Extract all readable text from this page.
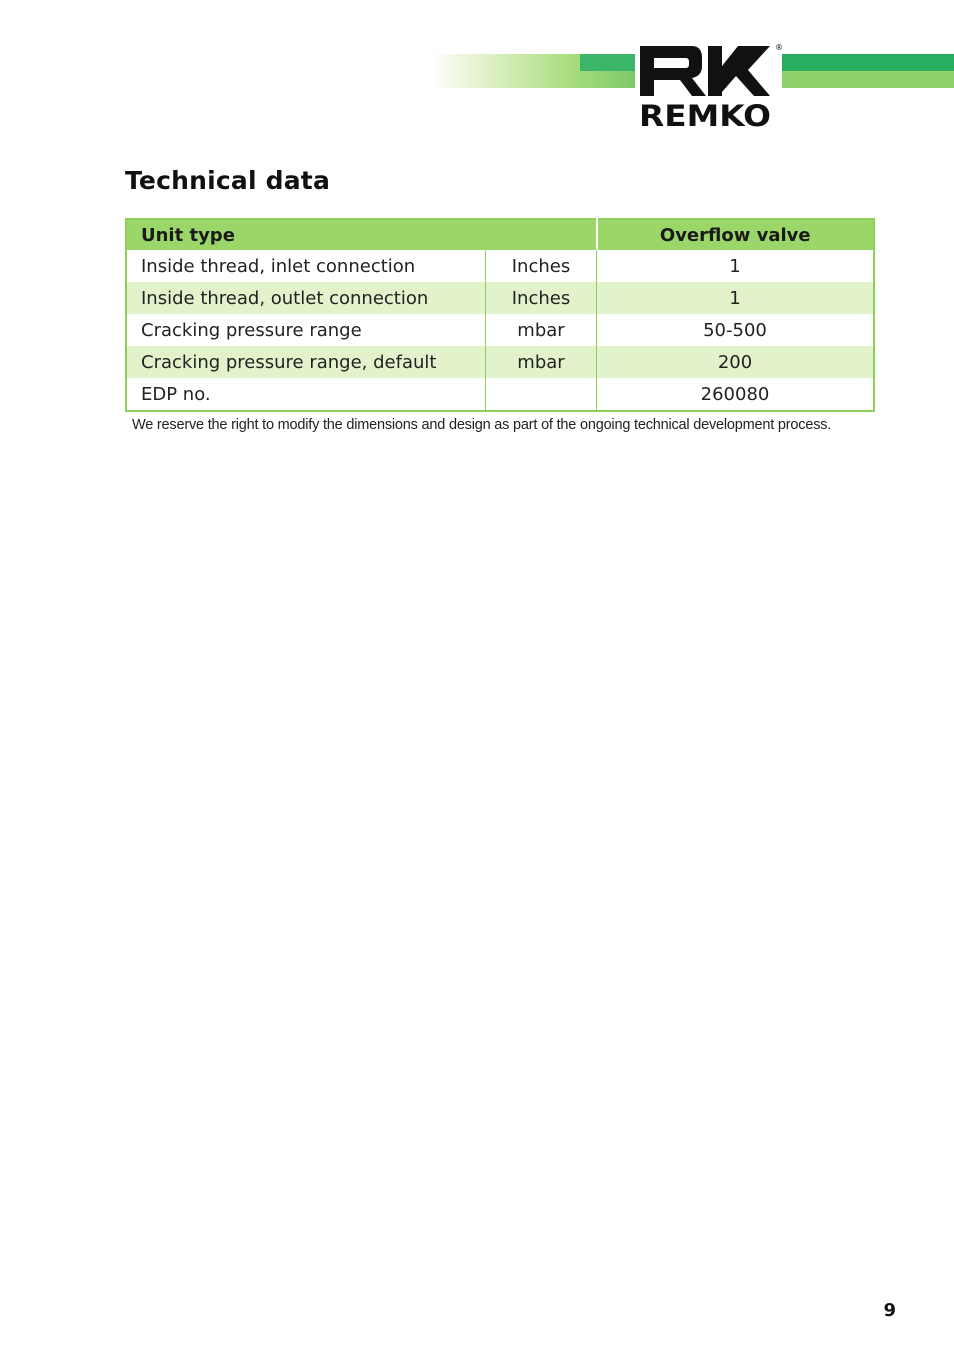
®
REMKO
Technical data
Unit type		Overflow valve
Inside thread, inlet connection	Inches	1
Inside thread, outlet connection	Inches	1
Cracking pressure range	mbar	50-500
Cracking pressure range, default	mbar	200
EDP no.		260080

We reserve the right to modify the dimensions and design as part of the ongoing technical development process.

9
